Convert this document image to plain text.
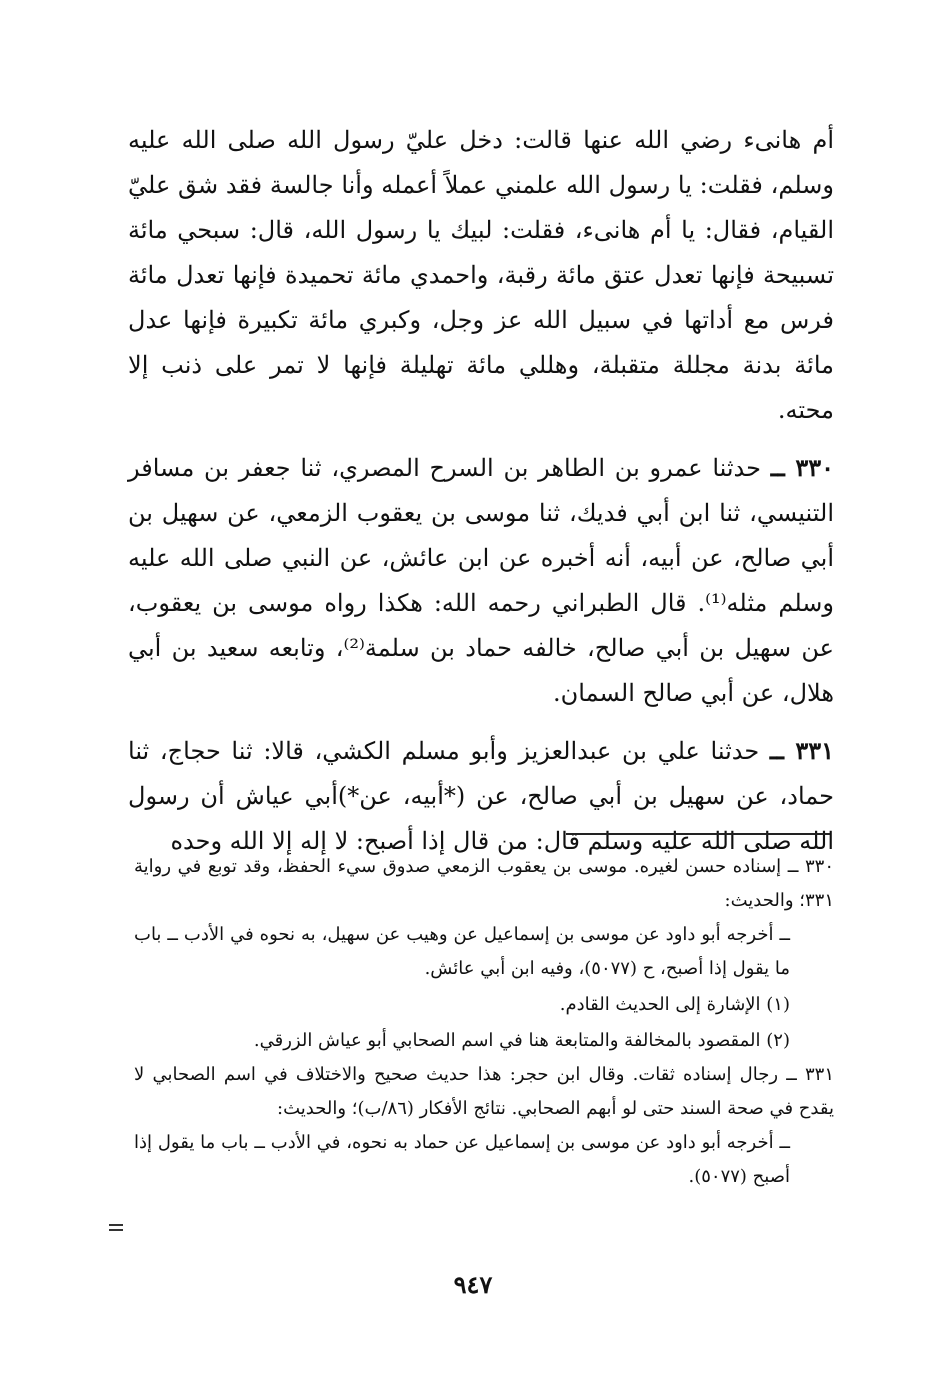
أم هانىء رضي الله عنها قالت: دخل عليّ رسول الله صلى الله عليه وسلم، فقلت: يا رسول الله علمني عملاً أعمله وأنا جالسة فقد شق عليّ القيام، فقال: يا أم هانىء، فقلت: لبيك يا رسول الله، قال: سبحي مائة تسبيحة فإنها تعدل عتق مائة رقبة، واحمدي مائة تحميدة فإنها تعدل مائة فرس مع أداتها في سبيل الله عز وجل، وكبري مائة تكبيرة فإنها عدل مائة بدنة مجللة متقبلة، وهللي مائة تهليلة فإنها لا تمر على ذنب إلا محته.

٣٣٠ ــ حدثنا عمرو بن الطاهر بن السرح المصري، ثنا جعفر بن مسافر التنيسي، ثنا ابن أبي فديك، ثنا موسى بن يعقوب الزمعي، عن سهيل بن أبي صالح، عن أبيه، أنه أخبره عن ابن عائش، عن النبي صلى الله عليه وسلم مثله⁽¹⁾. قال الطبراني رحمه الله: هكذا رواه موسى بن يعقوب، عن سهيل بن أبي صالح، خالفه حماد بن سلمة⁽²⁾، وتابعه سعيد بن أبي هلال، عن أبي صالح السمان.

٣٣١ ــ حدثنا علي بن عبدالعزيز وأبو مسلم الكشي، قالا: ثنا حجاج، ثنا حماد، عن سهيل بن أبي صالح، عن (*أبيه، عن*)أبي عياش أن رسول الله صلى الله عليه وسلم قال: من قال إذا أصبح: لا إله إلا الله وحده

٣٣٠ ــ إسناده حسن لغيره. موسى بن يعقوب الزمعي صدوق سيء الحفظ، وقد توبع في رواية ٣٣١؛ والحديث:

ــ أخرجه أبو داود عن موسى بن إسماعيل عن وهيب عن سهيل، به نحوه في الأدب ــ باب ما يقول إذا أصبح، ح (٥٠٧٧)، وفيه ابن أبي عائش.

(١) الإشارة إلى الحديث القادم.

(٢) المقصود بالمخالفة والمتابعة هنا في اسم الصحابي أبو عياش الزرقي.

٣٣١ ــ رجال إسناده ثقات. وقال ابن حجر: هذا حديث صحيح والاختلاف في اسم الصحابي لا يقدح في صحة السند حتى لو أبهم الصحابي. نتائج الأفكار (٨٦/ب)؛ والحديث:

ــ أخرجه أبو داود عن موسى بن إسماعيل عن حماد به نحوه، في الأدب ــ باب ما يقول إذا أصبح (٥٠٧٧).

٩٤٧
